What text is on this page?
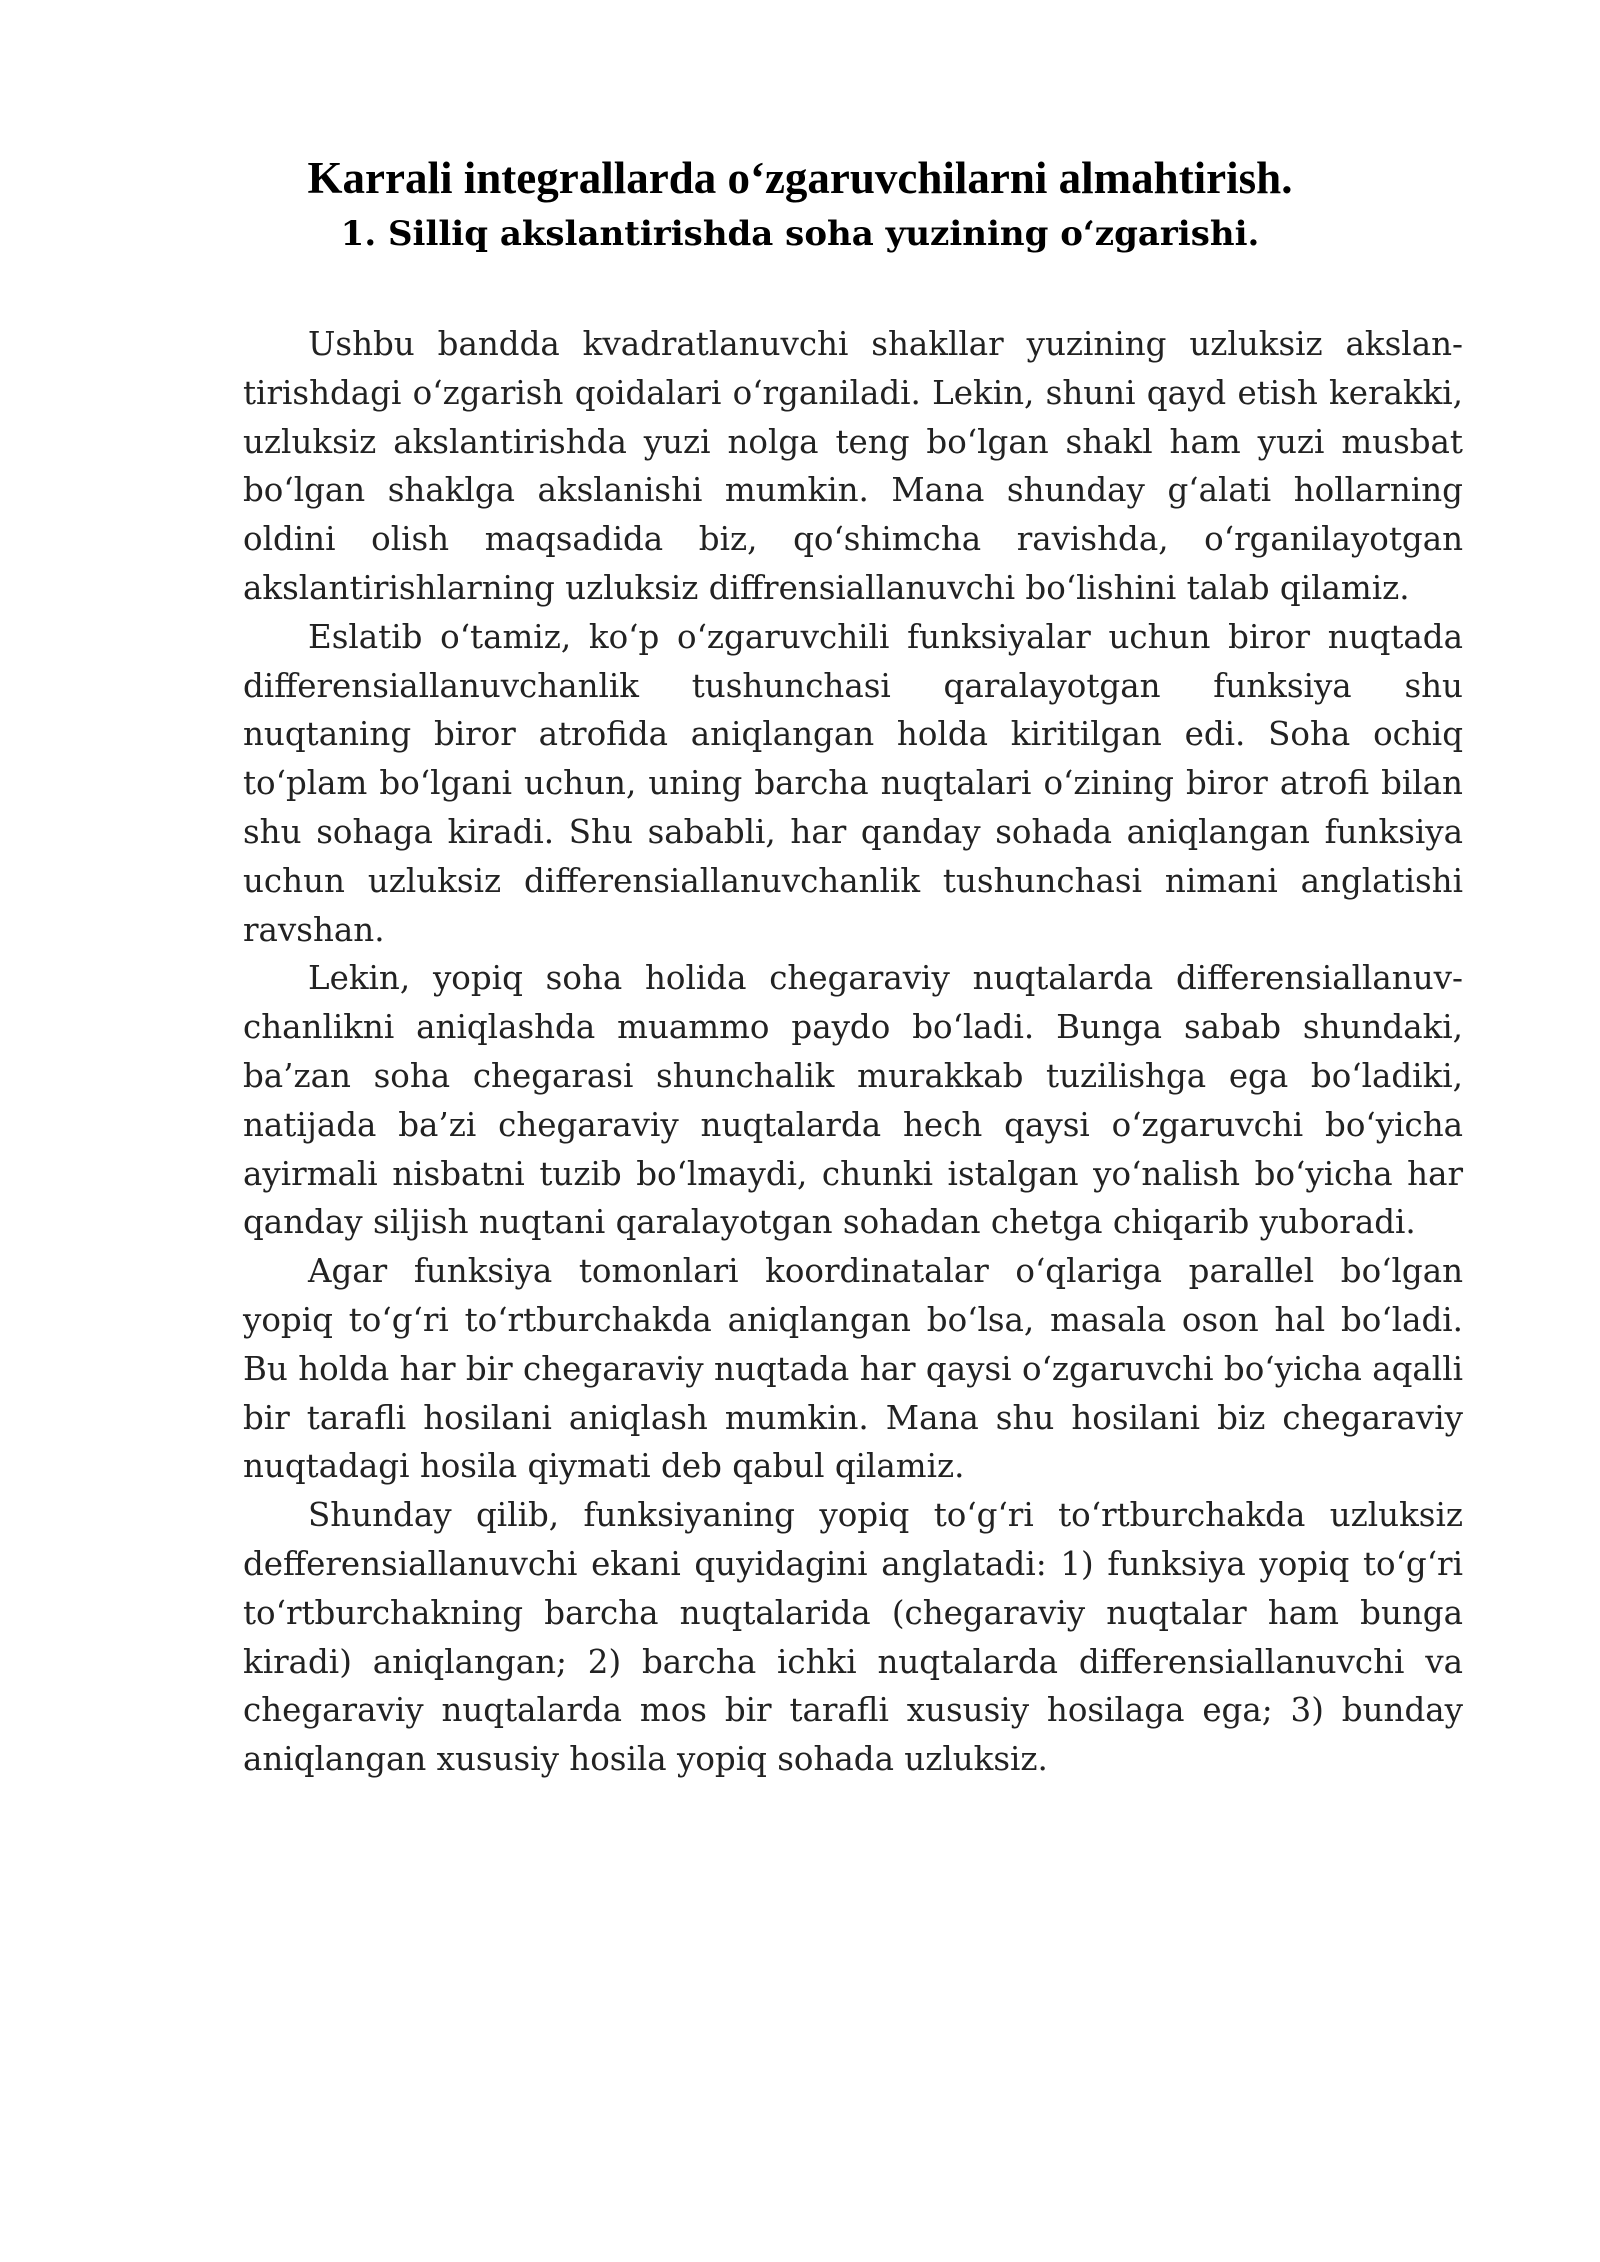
Karrali integrallarda o‘zgaruvchilarni almahtirish.
1. Silliq akslantirishda soha yuzining o‘zgarishi.

Ushbu bandda kvadratlanuvchi shakllar yuzining uzluksiz akslantirishdagi o‘zgarish qoidalari o‘rganiladi. Lekin, shuni qayd etish kerakki, uzluksiz akslantirishda yuzi nolga teng bo‘lgan shakl ham yuzi musbat bo‘lgan shaklga akslanishi mumkin. Mana shunday g‘alati hollarning oldini olish maqsadida biz, qo‘shimcha ravishda, o‘rganilayotgan akslantirishlarning uzluksiz diffrensiallanuvchi bo‘lishini talab qilamiz.

Eslatib o‘tamiz, ko‘p o‘zgaruvchili funksiyalar uchun biror nuqtada differensiallanuvchanlik tushunchasi qaralayotgan funksiya shu nuqtaning biror atrofida aniqlangan holda kiritilgan edi. Soha ochiq to‘plam bo‘lgani uchun, uning barcha nuqtalari o‘zining biror atrofi bilan shu sohaga kiradi. Shu sababli, har qanday sohada aniqlangan funksiya uchun uzluksiz differensiallanuvchanlik tushunchasi nimani anglatishi ravshan.

Lekin, yopiq soha holida chegaraviy nuqtalarda differensiallanuvchanlikni aniqlashda muammo paydo bo‘ladi. Bunga sabab shundaki, ba’zan soha chegarasi shunchalik murakkab tuzilishga ega bo‘ladiki, natijada ba’zi chegaraviy nuqtalarda hech qaysi o‘zgaruvchi bo‘yicha ayirmali nisbatni tuzib bo‘lmaydi, chunki istalgan yo‘nalish bo‘yicha har qanday siljish nuqtani qaralayotgan sohadan chetga chiqarib yuboradi.

Agar funksiya tomonlari koordinatalar o‘qlariga parallel bo‘lgan yopiq to‘g‘ri to‘rtburchakda aniqlangan bo‘lsa, masala oson hal bo‘ladi. Bu holda har bir chegaraviy nuqtada har qaysi o‘zgaruvchi bo‘yicha aqalli bir tarafli hosilani aniqlash mumkin. Mana shu hosilani biz chegaraviy nuqtadagi hosila qiymati deb qabul qilamiz.

Shunday qilib, funksiyaning yopiq to‘g‘ri to‘rtburchakda uzluksiz defferensiallanuvchi ekani quyidagini anglatadi: 1) funksiya yopiq to‘g‘ri to‘rtburchakning barcha nuqtalarida (chegaraviy nuqtalar ham bunga kiradi) aniqlangan; 2) barcha ichki nuqtalarda differensiallanuvchi va chegaraviy nuqtalarda mos bir tarafli xususiy hosilaga ega; 3) bunday aniqlangan xususiy hosila yopiq sohada uzluksiz.
